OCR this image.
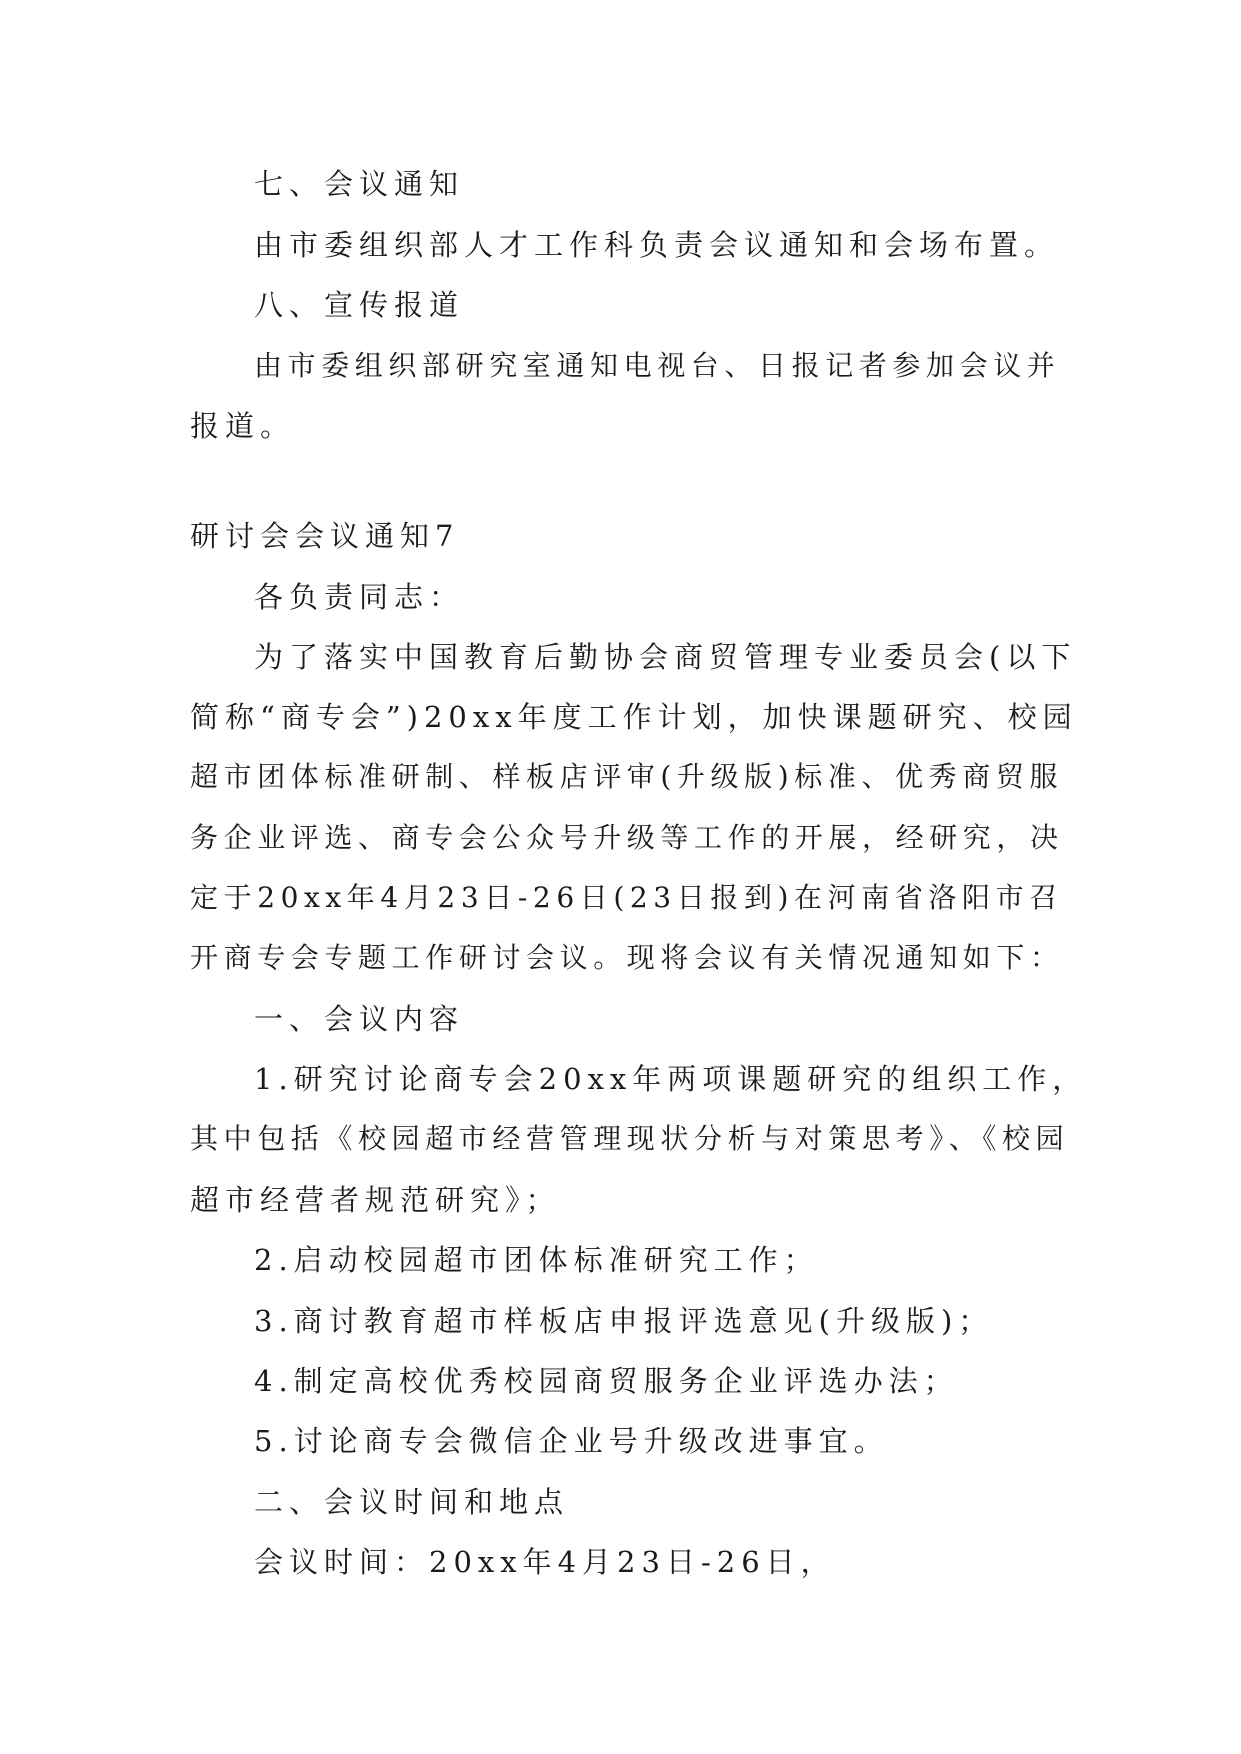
七、会议通知
由市委组织部人才工作科负责会议通知和会场布置。
八、宣传报道
由市委组织部研究室通知电视台、日报记者参加会议并
报道。
研讨会会议通知7
各负责同志：
为了落实中国教育后勤协会商贸管理专业委员会(以下
简称“商专会”)20xx年度工作计划，加快课题研究、校园
超市团体标准研制、样板店评审(升级版)标准、优秀商贸服
务企业评选、商专会公众号升级等工作的开展，经研究，决
定于20xx年4月23日-26日(23日报到)在河南省洛阳市召
开商专会专题工作研讨会议。现将会议有关情况通知如下：
一、会议内容
1.研究讨论商专会20xx年两项课题研究的组织工作，
其中包括《校园超市经营管理现状分析与对策思考》、《校园
超市经营者规范研究》；
2.启动校园超市团体标准研究工作；
3.商讨教育超市样板店申报评选意见(升级版)；
4.制定高校优秀校园商贸服务企业评选办法；
5.讨论商专会微信企业号升级改进事宜。
二、会议时间和地点
会议时间：20xx年4月23日-26日，
